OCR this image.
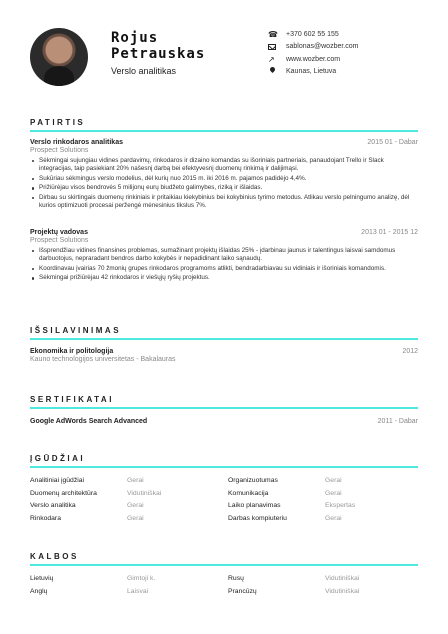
Rojus
Petrauskas
Verslo analitikas
☎
+370 602 55 155
sablonas@wozber.com
↗
www.wozber.com
Kaunas, Lietuva
PATIRTIS
Verslo rinkodaros analitikas	2015 01 - Dabar
Prospect Solutions
Sėkmingai sujungiau vidines pardavimų, rinkodaros ir dizaino komandas su išoriniais partneriais, panaudojant Trello ir Slack integracijas, taip pasiekiant 20% našesnį darbą bei efektyvesnį duomenų rinkimą ir dalijimąsi.
Sukūriau sėkmingus verslo modelius, dėl kurių nuo 2015 m. iki 2016 m. pajamos padidėjo 4,4%.
Prižiūrėjau visos bendrovės 5 milijonų eurų biudžeto galimybes, riziką ir išlaidas.
Dirbau su skirtingais duomenų rinkiniais ir pritaikiau kiekybinius bei kokybinius tyrimo metodus. Atlikau verslo pelningumo analizę, dėl kurios optimizuoti procesai peržengė mėnesinius tikslus 7%.
Projektų vadovas	2013 01 - 2015 12
Prospect Solutions
Išsprendžiau vidines finansines problemas, sumažinant projektų išlaidas 25% - įdarbinau jaunus ir talentingus laisvai samdomus darbuotojus, nepraradant bendros darbo kokybės ir nepadidinant laiko sąnaudų.
Koordinavau įvairias 70 žmonių grupes rinkodaros programoms atlikti, bendradarbiavau su vidiniais ir išoriniais komandomis.
Sėkmingai prižiūrėjau 42 rinkodaros ir viešųjų ryšių projektus.
IŠSILAVINIMAS
Ekonomika ir politologija	2012
Kauno technologijos universitetas - Bakalauras
SERTIFIKATAI
Google AdWords Search Advanced	2011 - Dabar
ĮGŪDŽIAI
Analitiniai įgūdžiai	Gerai	Organizuotumas	Gerai
Duomenų architektūra	Vidutiniškai	Komunikacija	Gerai
Verslo analitika	Gerai	Laiko planavimas	Ekspertas
Rinkodara	Gerai	Darbas kompiuteriu	Gerai
KALBOS
Lietuvių	Gimtoji k.	Rusų	Vidutiniškai
Anglų	Laisvai	Prancūzų	Vidutiniškai
